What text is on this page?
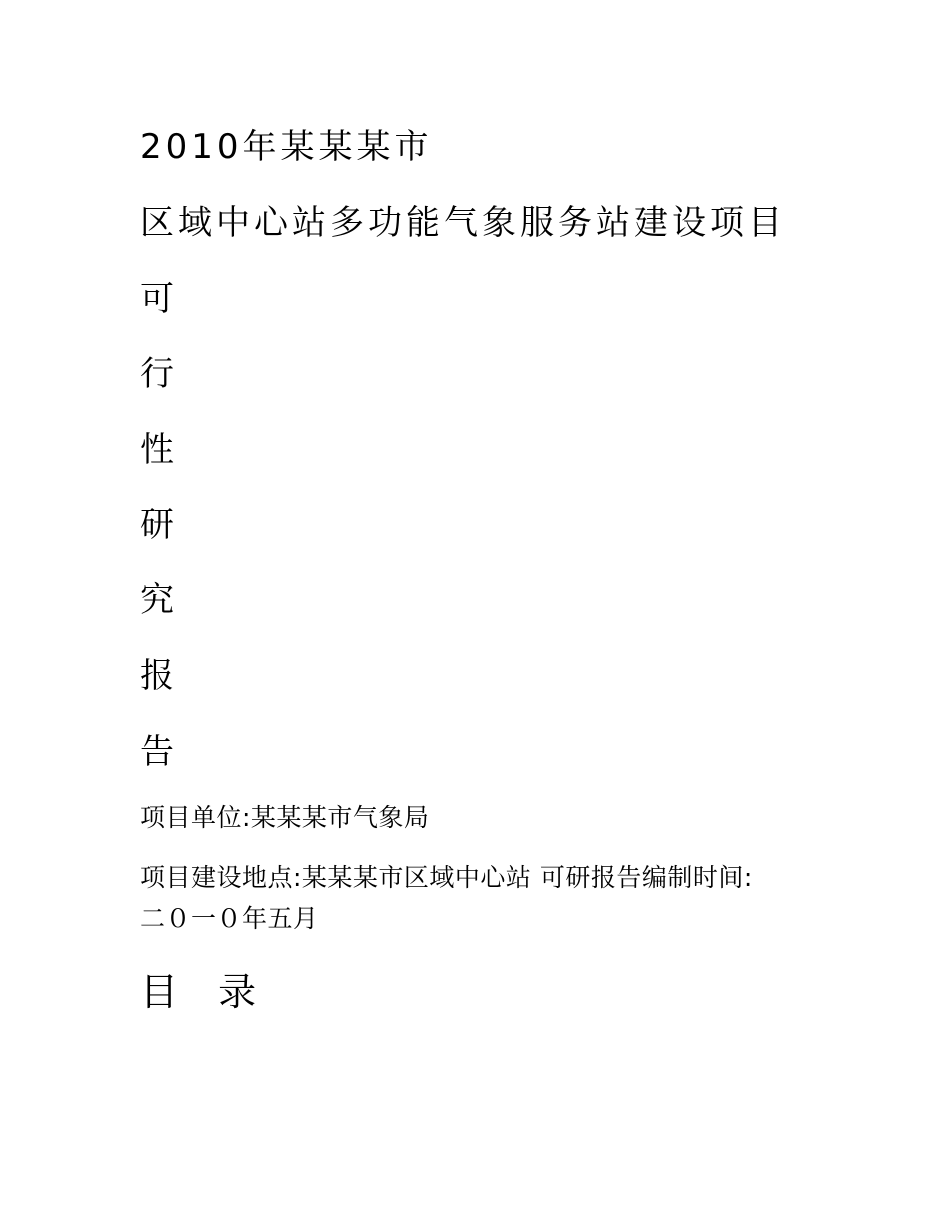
2010年某某某市
区域中心站多功能气象服务站建设项目
可
行
性
研
究
报
告
项目单位:某某某市气象局
项目建设地点:某某某市区域中心站 可研报告编制时间:
二０一０年五月
目 录
